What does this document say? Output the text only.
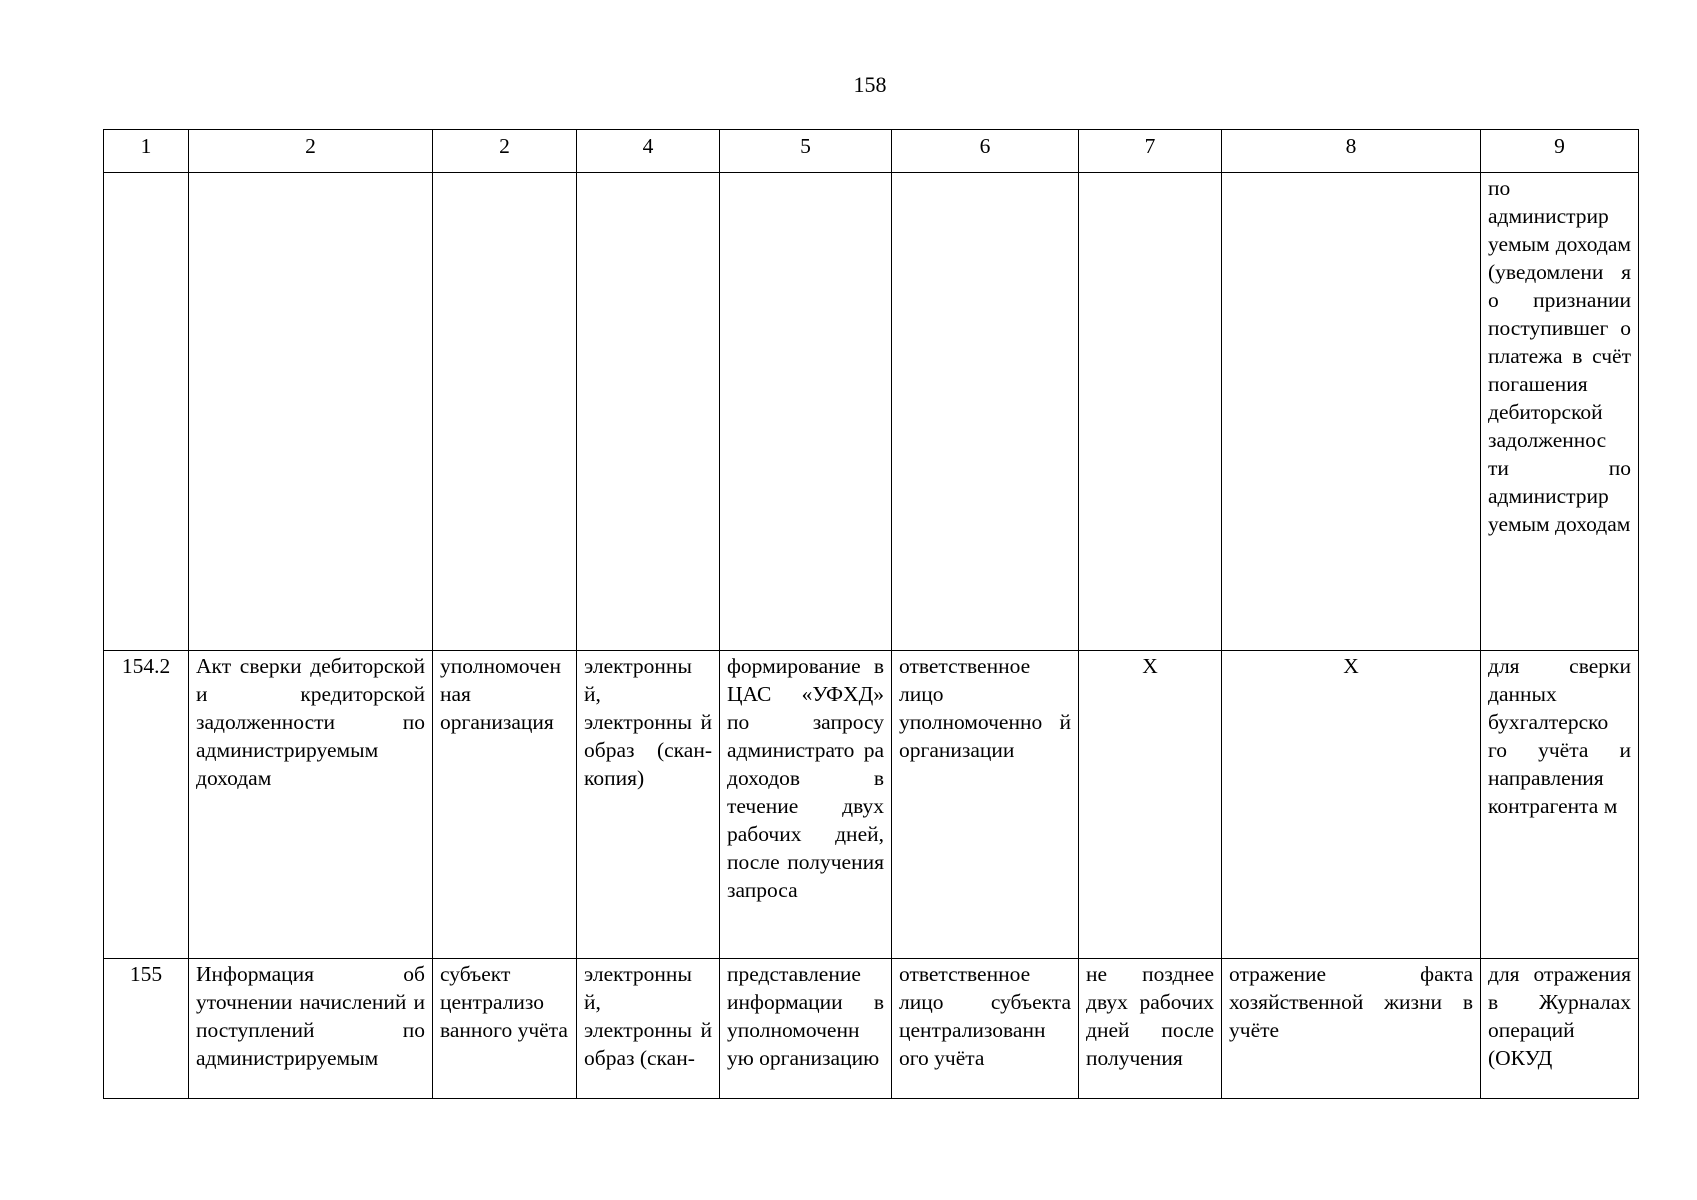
158
1	2	2	4	5	6	7	8	9
								по администрир уемым доходам (уведомлени я о признании поступившег о платежа в счёт погашения дебиторской задолженнос ти по администрир уемым доходам
154.2	Акт сверки дебиторской и кредиторской задолженности по администрируемым доходам	уполномочен ная организация	электронны й, электронны й образ (скан-копия)	формирование в ЦАС «УФХД» по запросу администрато ра доходов в течение двух рабочих дней, после получения запроса	ответственное лицо уполномоченно й организации	Х	Х	для сверки данных бухгалтерско го учёта и направления контрагента м
155	Информация об уточнении начислений и поступлений по администрируемым	субъект централизо ванного учёта	электронны й, электронны й образ (скан-	представление информации в уполномоченн ую организацию	ответственное лицо субъекта централизованн ого учёта	не позднее двух рабочих дней после получения	отражение факта хозяйственной жизни в учёте	для отражения в Журналах операций (ОКУД
